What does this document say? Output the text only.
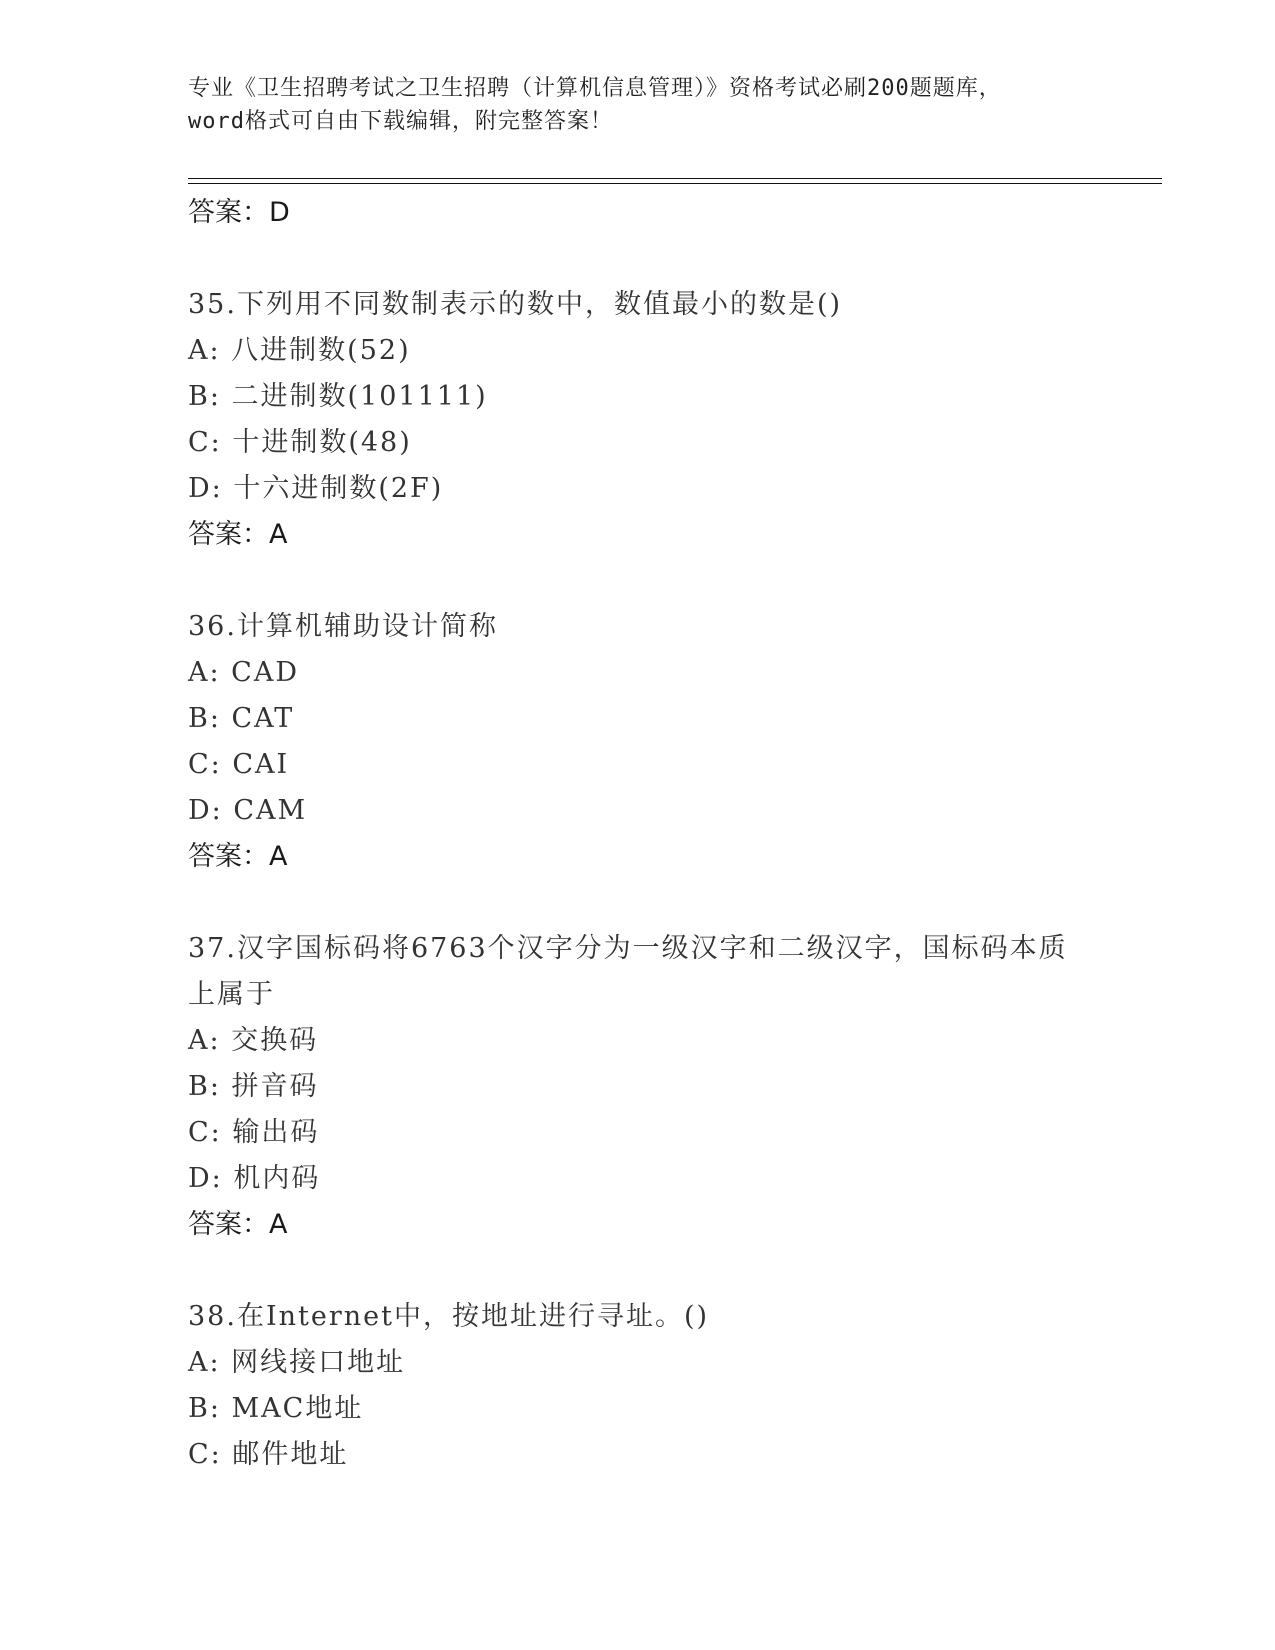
专业《卫生招聘考试之卫生招聘（计算机信息管理）》资格考试必刷200题题库，
word格式可自由下载编辑，附完整答案！
答案：D
35.下列用不同数制表示的数中，数值最小的数是()
A: 八进制数(52)
B: 二进制数(101111)
C: 十进制数(48)
D: 十六进制数(2F)
答案：A
36.计算机辅助设计简称
A: CAD
B: CAT
C: CAI
D: CAM
答案：A
37.汉字国标码将6763个汉字分为一级汉字和二级汉字，国标码本质上属于
A: 交换码
B: 拼音码
C: 输出码
D: 机内码
答案：A
38.在Internet中，按地址进行寻址。()
A: 网线接口地址
B: MAC地址
C: 邮件地址
